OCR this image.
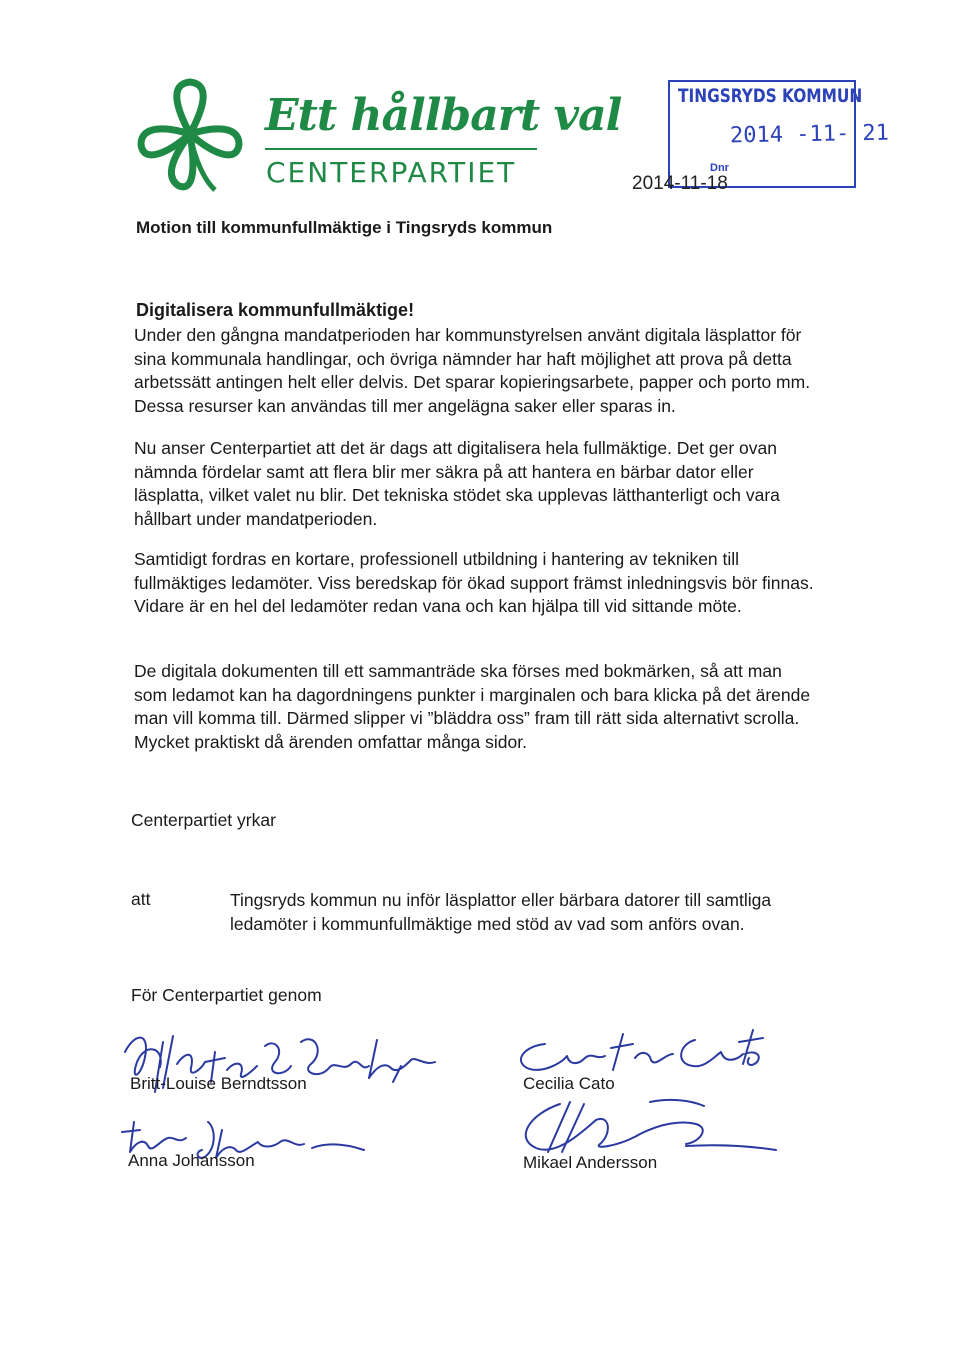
Ett hållbart val
CENTERPARTIET
TINGSRYDS KOMMUN
2014 -11- 21
Dnr
2014-11-18
Motion till kommunfullmäktige i Tingsryds kommun
Digitalisera kommunfullmäktige!
Under den gångna mandatperioden har kommunstyrelsen använt digitala läsplattor för sina kommunala handlingar, och övriga nämnder har haft möjlighet att prova på detta arbetssätt antingen helt eller delvis. Det sparar kopieringsarbete, papper och porto mm. Dessa resurser kan användas till mer angelägna saker eller sparas in.
Nu anser Centerpartiet att det är dags att digitalisera hela fullmäktige. Det ger ovan nämnda fördelar samt att flera blir mer säkra på att hantera en bärbar dator eller läsplatta, vilket valet nu blir. Det tekniska stödet ska upplevas lätthanterligt och vara hållbart under mandatperioden.
Samtidigt fordras en kortare, professionell utbildning i hantering av tekniken till fullmäktiges ledamöter. Viss beredskap för ökad support främst inledningsvis bör finnas. Vidare är en hel del ledamöter redan vana och kan hjälpa till vid sittande möte.
De digitala dokumenten till ett sammanträde ska förses med bokmärken, så att man som ledamot kan ha dagordningens punkter i marginalen och bara klicka på det ärende man vill komma till. Därmed slipper vi ”bläddra oss” fram till rätt sida alternativt scrolla. Mycket praktiskt då ärenden omfattar många sidor.
Centerpartiet yrkar
att	Tingsryds kommun nu inför läsplattor eller bärbara datorer till samtliga ledamöter i kommunfullmäktige med stöd av vad som anförs ovan.
För Centerpartiet genom
Britt-Louise Berndtsson	Cecilia Cato
Anna Johansson	Mikael Andersson
